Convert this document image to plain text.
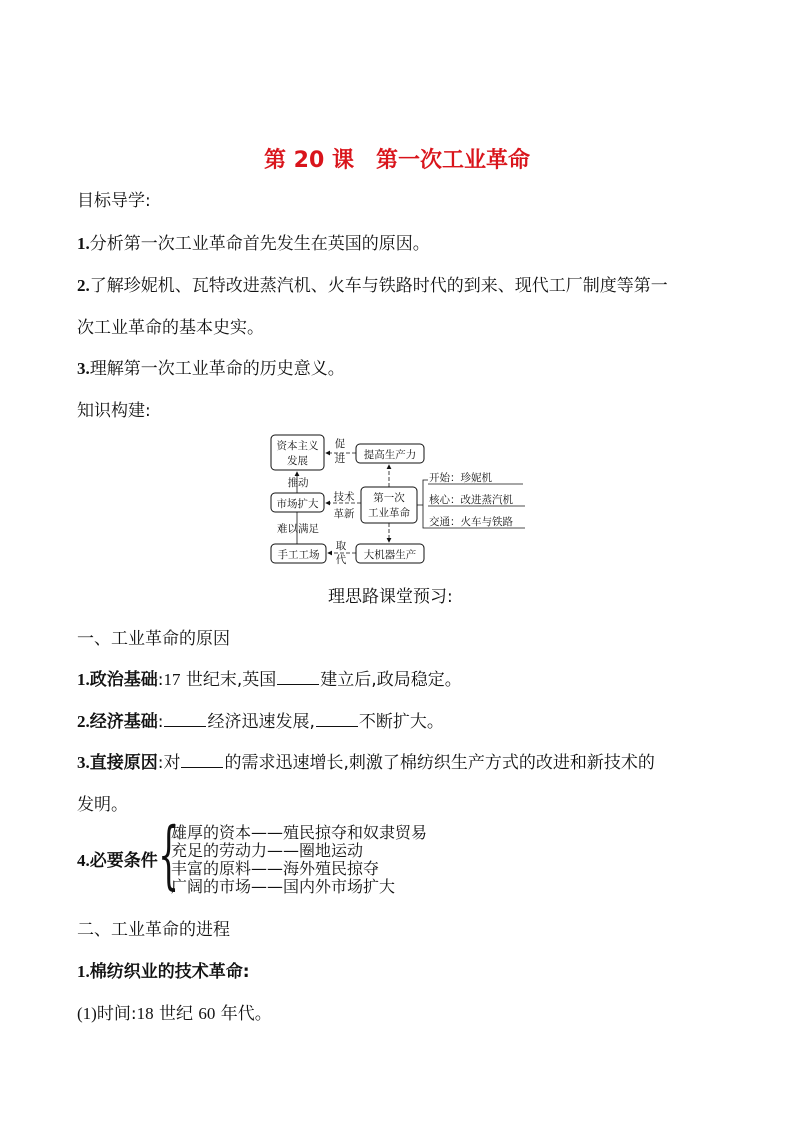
第 20 课 第一次工业革命
目标导学:
1.分析第一次工业革命首先发生在英国的原因。
2.了解珍妮机、瓦特改进蒸汽机、火车与铁路时代的到来、现代工厂制度等第一
次工业革命的基本史实。
3.理解第一次工业革命的历史意义。
知识构建:
资本主义
发展	提高生产力
市场扩大	第一次
工业革命
手工工场	大机器生产
促
进
推动
技术
革新
难以满足
取
代
开始：珍妮机
核心：改进蒸汽机
交通：火车与铁路
理思路课堂预习:
一、工业革命的原因
1.政治基础:17 世纪末,英国	建立后,政局稳定。
2.经济基础:	经济迅速发展,	不断扩大。
3.直接原因:对	的需求迅速增长,刺激了棉纺织生产方式的改进和新技术的
发明。
4.必要条件 {
雄厚的资本——殖民掠夺和奴隶贸易
充足的劳动力——圈地运动
丰富的原料——海外殖民掠夺
广阔的市场——国内外市场扩大
二、工业革命的进程
1.棉纺织业的技术革命:
(1)时间:18 世纪 60 年代。
